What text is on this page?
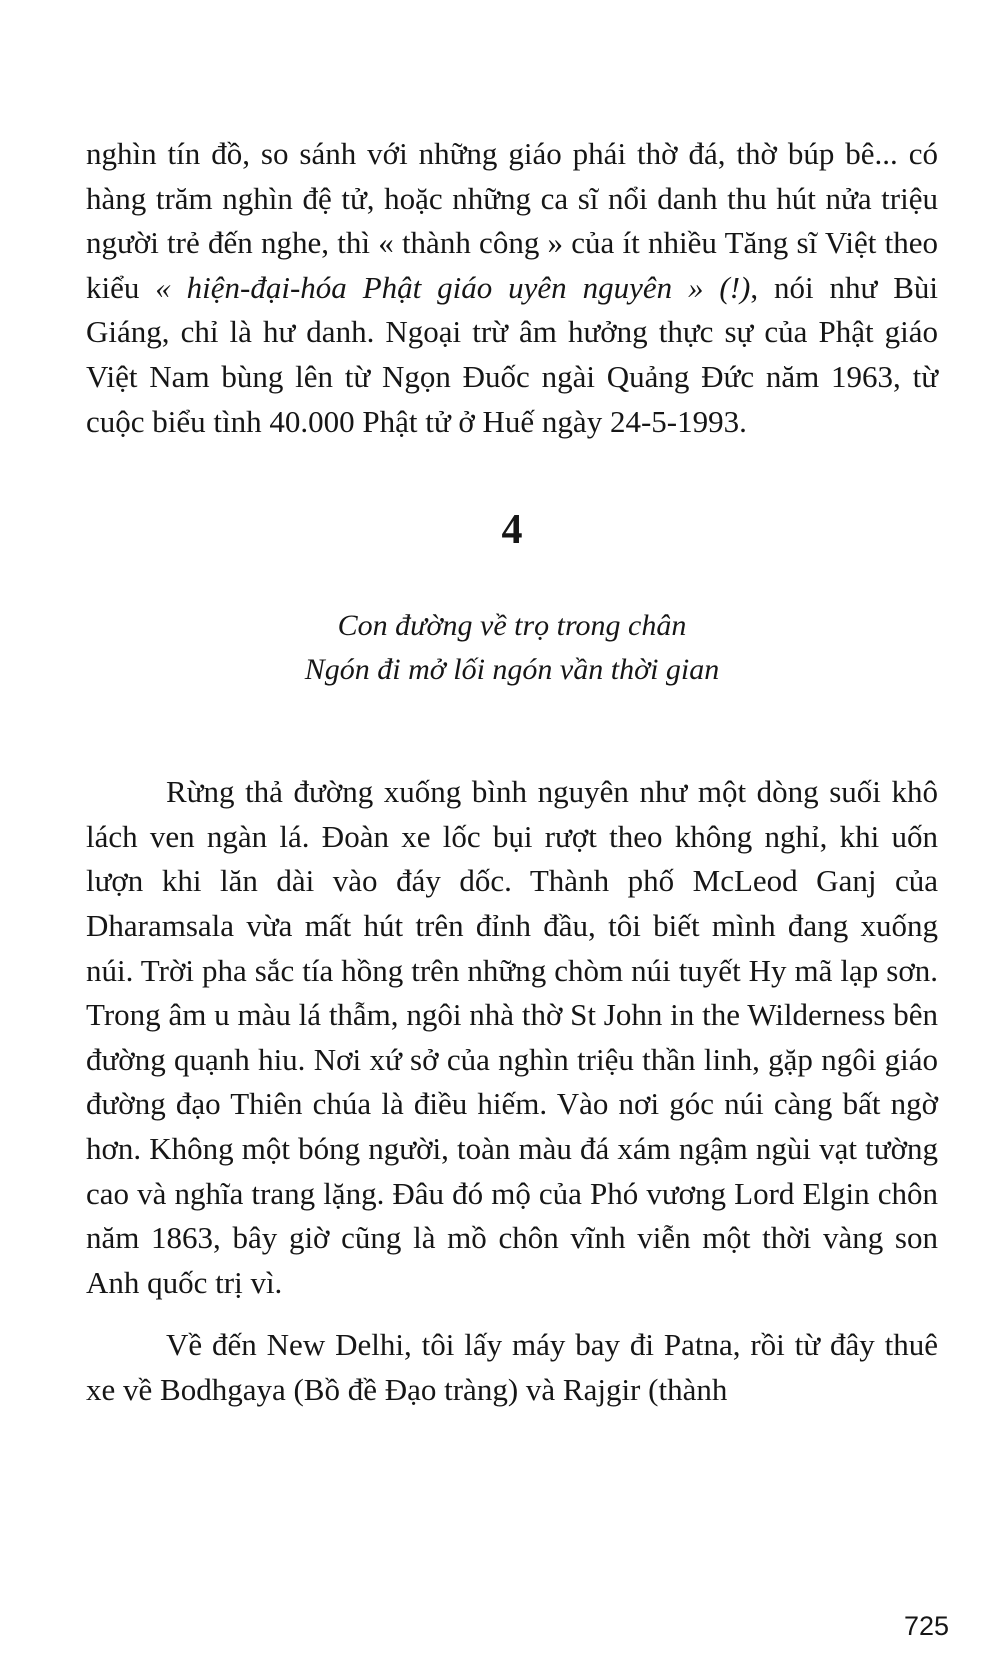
nghìn tín đồ, so sánh với những giáo phái thờ đá, thờ búp bê... có hàng trăm nghìn đệ tử, hoặc những ca sĩ nổi danh thu hút nửa triệu người trẻ đến nghe, thì « thành công » của ít nhiều Tăng sĩ Việt theo kiểu « hiện-đại-hóa Phật giáo uyên nguyên » (!), nói như Bùi Giáng, chỉ là hư danh. Ngoại trừ âm hưởng thực sự của Phật giáo Việt Nam bùng lên từ Ngọn Đuốc ngài Quảng Đức năm 1963, từ cuộc biểu tình 40.000 Phật tử ở Huế ngày 24-5-1993.

4
Con đường về trọ trong chân
Ngón đi mở lối ngón vần thời gian

Rừng thả đường xuống bình nguyên như một dòng suối khô lách ven ngàn lá. Đoàn xe lốc bụi rượt theo không nghỉ, khi uốn lượn khi lăn dài vào đáy dốc. Thành phố McLeod Ganj của Dharamsala vừa mất hút trên đỉnh đầu, tôi biết mình đang xuống núi. Trời pha sắc tía hồng trên những chòm núi tuyết Hy mã lạp sơn. Trong âm u màu lá thẫm, ngôi nhà thờ St John in the Wilderness bên đường quạnh hiu. Nơi xứ sở của nghìn triệu thần linh, gặp ngôi giáo đường đạo Thiên chúa là điều hiếm. Vào nơi góc núi càng bất ngờ hơn. Không một bóng người, toàn màu đá xám ngậm ngùi vạt tường cao và nghĩa trang lặng. Đâu đó mộ của Phó vương Lord Elgin chôn năm 1863, bây giờ cũng là mồ chôn vĩnh viễn một thời vàng son Anh quốc trị vì.

Về đến New Delhi, tôi lấy máy bay đi Patna, rồi từ đây thuê xe về Bodhgaya (Bồ đề Đạo tràng) và Rajgir (thành

725
